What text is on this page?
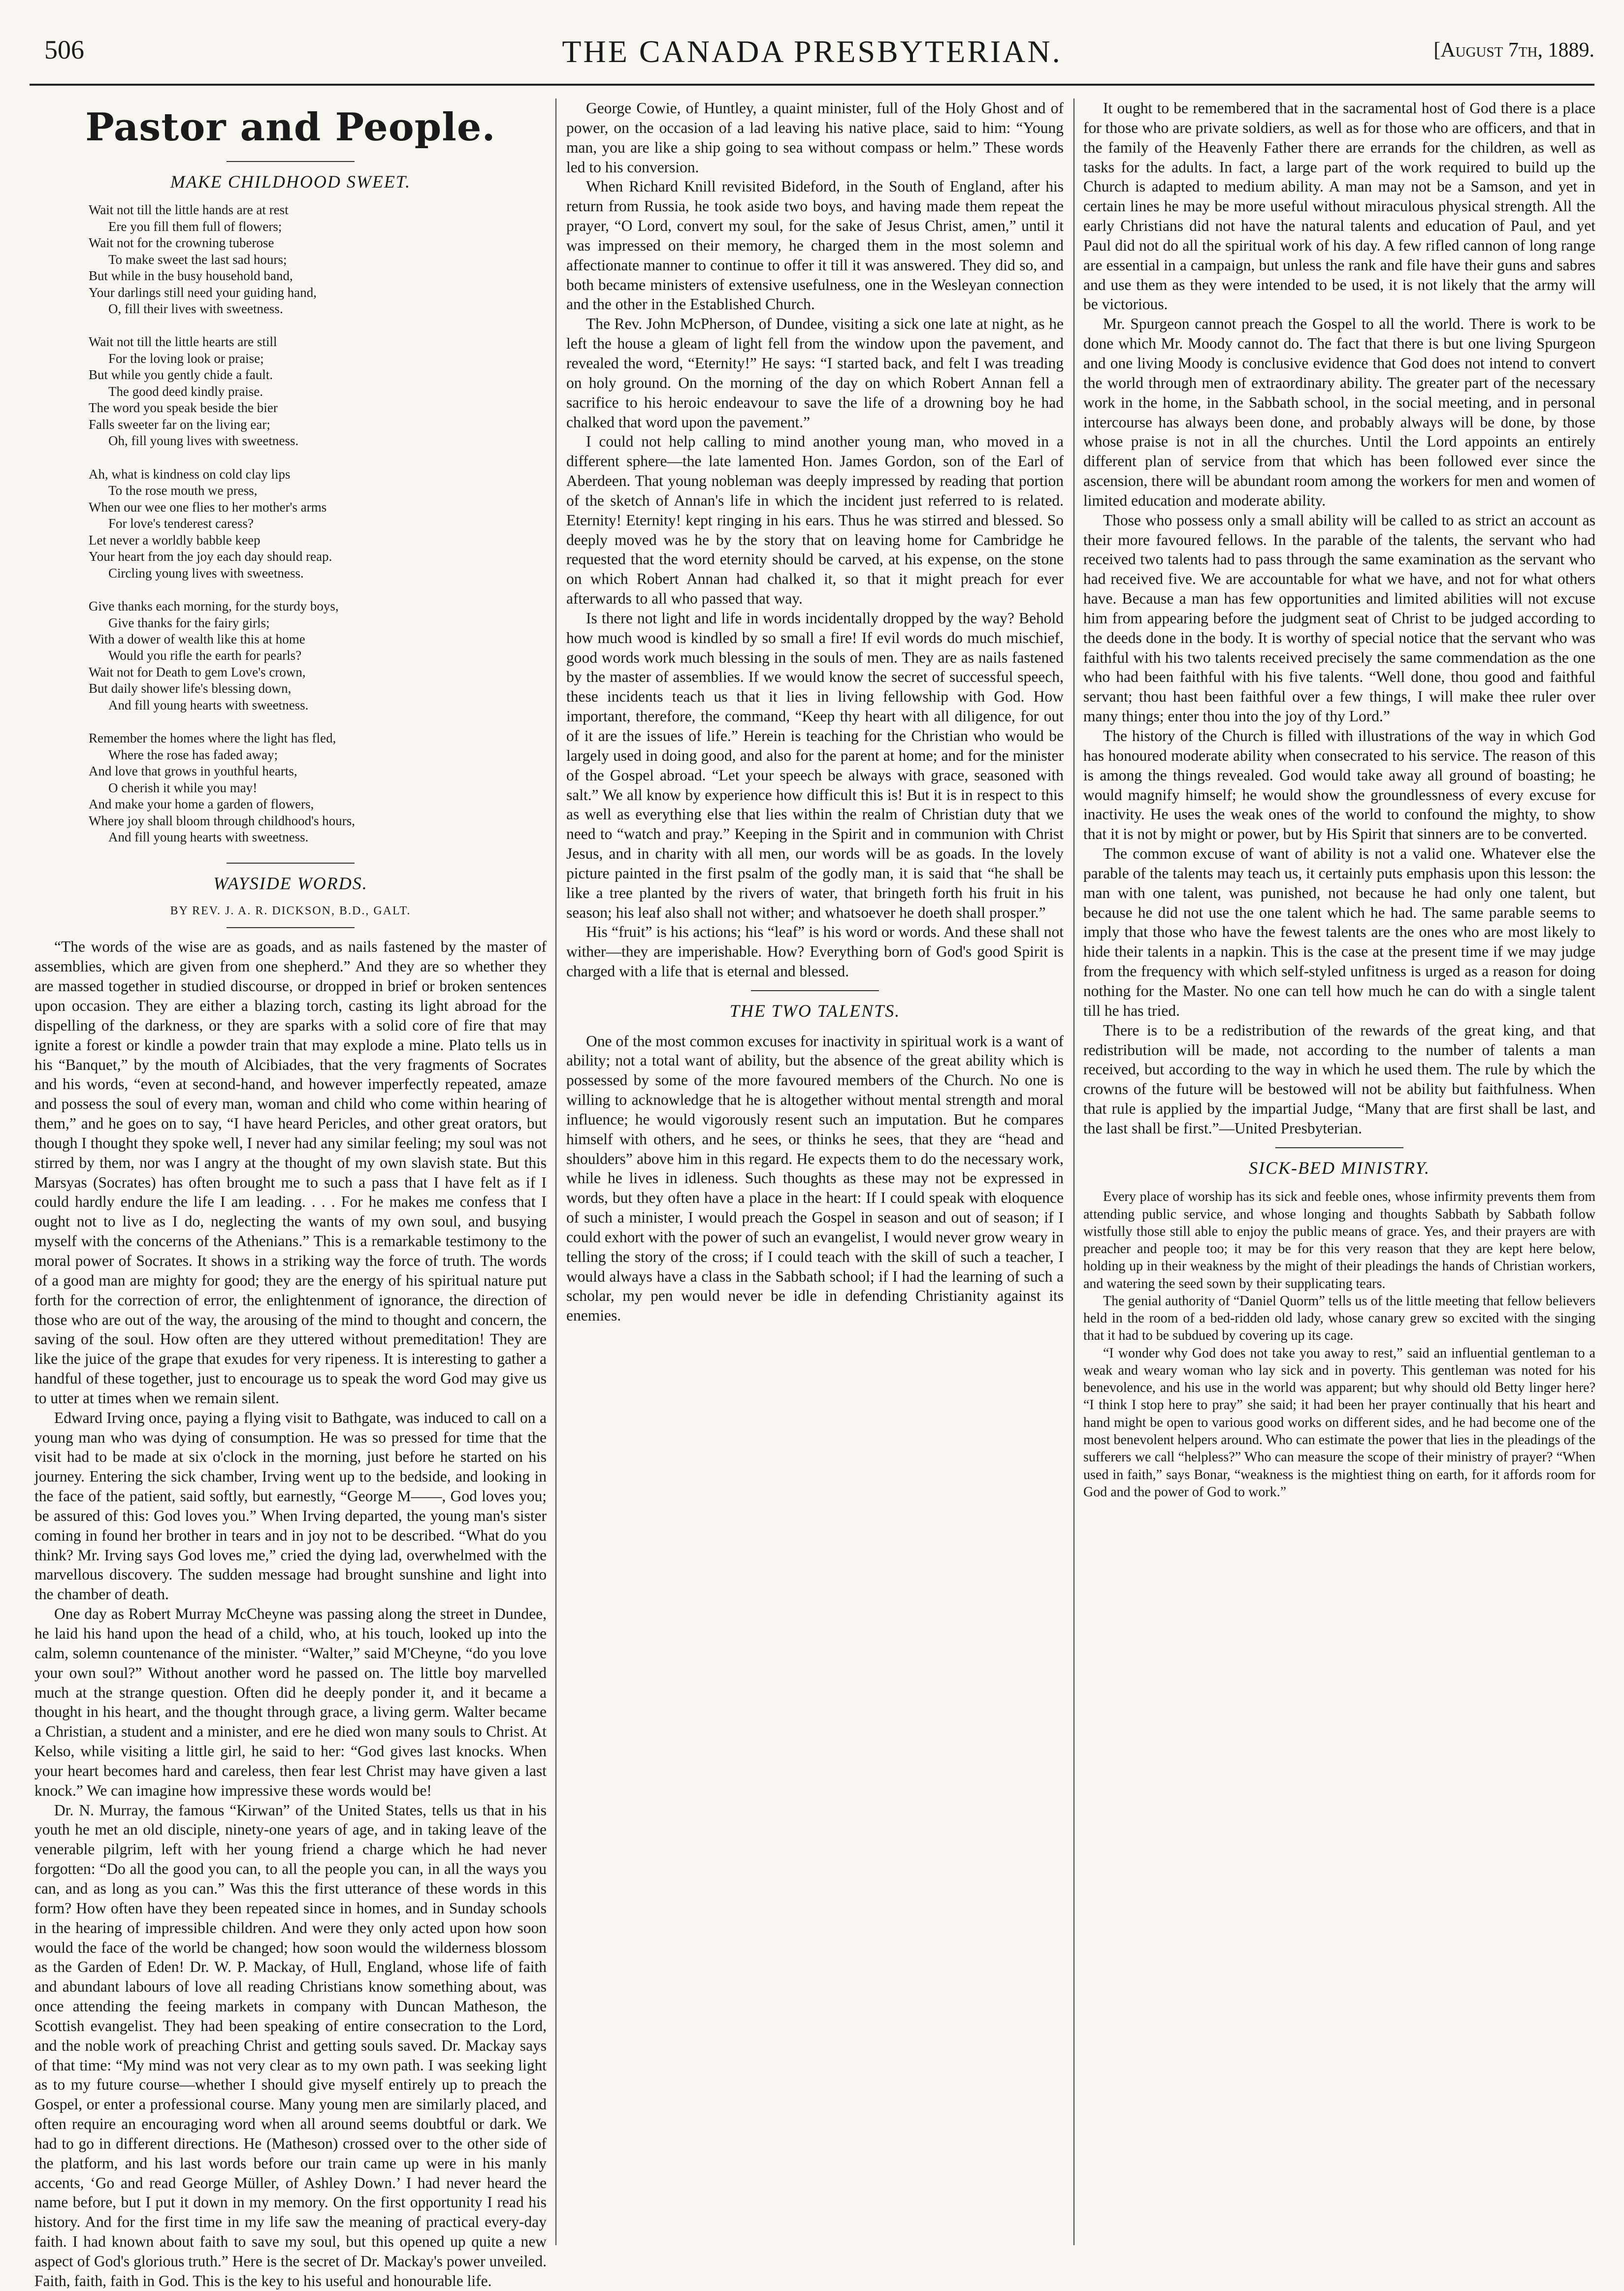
506	THE CANADA PRESBYTERIAN.	[August 7th, 1889.
Pastor and People.
MAKE CHILDHOOD SWEET.
Wait not till the little hands are at rest
Ere you fill them full of flowers;
Wait not for the crowning tuberose
To make sweet the last sad hours;
But while in the busy household band,
Your darlings still need your guiding hand,
O, fill their lives with sweetness.
Wait not till the little hearts are still
For the loving look or praise;
But while you gently chide a fault.
The good deed kindly praise.
The word you speak beside the bier
Falls sweeter far on the living ear;
Oh, fill young lives with sweetness.
Ah, what is kindness on cold clay lips
To the rose mouth we press,
When our wee one flies to her mother's arms
For love's tenderest caress?
Let never a worldly babble keep
Your heart from the joy each day should reap.
Circling young lives with sweetness.
Give thanks each morning, for the sturdy boys,
Give thanks for the fairy girls;
With a dower of wealth like this at home
Would you rifle the earth for pearls?
Wait not for Death to gem Love's crown,
But daily shower life's blessing down,
And fill young hearts with sweetness.
Remember the homes where the light has fled,
Where the rose has faded away;
And love that grows in youthful hearts,
O cherish it while you may!
And make your home a garden of flowers,
Where joy shall bloom through childhood's hours,
And fill young hearts with sweetness.
WAYSIDE WORDS.
BY REV. J. A. R. DICKSON, B.D., GALT.

“The words of the wise are as goads, and as nails fastened by the master of assemblies, which are given from one shepherd.” And they are so whether they are massed together in studied discourse, or dropped in brief or broken sentences upon occasion. They are either a blazing torch, casting its light abroad for the dispelling of the darkness, or they are sparks with a solid core of fire that may ignite a forest or kindle a powder train that may explode a mine. Plato tells us in his “Banquet,” by the mouth of Alcibiades, that the very fragments of Socrates and his words, “even at second-hand, and however imperfectly repeated, amaze and possess the soul of every man, woman and child who come within hearing of them,” and he goes on to say, “I have heard Pericles, and other great orators, but though I thought they spoke well, I never had any similar feeling; my soul was not stirred by them, nor was I angry at the thought of my own slavish state. But this Marsyas (Socrates) has often brought me to such a pass that I have felt as if I could hardly endure the life I am leading. . . . For he makes me confess that I ought not to live as I do, neglecting the wants of my own soul, and busying myself with the concerns of the Athenians.” This is a remarkable testimony to the moral power of Socrates. It shows in a striking way the force of truth. The words of a good man are mighty for good; they are the energy of his spiritual nature put forth for the correction of error, the enlightenment of ignorance, the direction of those who are out of the way, the arousing of the mind to thought and concern, the saving of the soul. How often are they uttered without premeditation! They are like the juice of the grape that exudes for very ripeness. It is interesting to gather a handful of these together, just to encourage us to speak the word God may give us to utter at times when we remain silent.

Edward Irving once, paying a flying visit to Bathgate, was induced to call on a young man who was dying of consumption. He was so pressed for time that the visit had to be made at six o'clock in the morning, just before he started on his journey. Entering the sick chamber, Irving went up to the bedside, and looking in the face of the patient, said softly, but earnestly, “George M——, God loves you; be assured of this: God loves you.” When Irving departed, the young man's sister coming in found her brother in tears and in joy not to be described. “What do you think? Mr. Irving says God loves me,” cried the dying lad, overwhelmed with the marvellous discovery. The sudden message had brought sunshine and light into the chamber of death.

One day as Robert Murray McCheyne was passing along the street in Dundee, he laid his hand upon the head of a child, who, at his touch, looked up into the calm, solemn countenance of the minister. “Walter,” said M'Cheyne, “do you love your own soul?” Without another word he passed on. The little boy marvelled much at the strange question. Often did he deeply ponder it, and it became a thought in his heart, and the thought through grace, a living germ. Walter became a Christian, a student and a minister, and ere he died won many souls to Christ. At Kelso, while visiting a little girl, he said to her: “God gives last knocks. When your heart becomes hard and careless, then fear lest Christ may have given a last knock.” We can imagine how impressive these words would be!

Dr. N. Murray, the famous “Kirwan” of the United States, tells us that in his youth he met an old disciple, ninety-one years of age, and in taking leave of the venerable pilgrim, left with her young friend a charge which he had never forgotten: “Do all the good you can, to all the people you can, in all the ways you can, and as long as you can.” Was this the first utterance of these words in this form? How often have they been repeated since in homes, and in Sunday schools in the hearing of impressible children. And were they only acted upon how soon would the face of the world be changed; how soon would the wilderness blossom as the Garden of Eden! Dr. W. P. Mackay, of Hull, England, whose life of faith and abundant labours of love all reading Christians know something about, was once attending the feeing markets in company with Duncan Matheson, the Scottish evangelist. They had been speaking of entire consecration to the Lord, and the noble work of preaching Christ and getting souls saved. Dr. Mackay says of that time: “My mind was not very clear as to my own path. I was seeking light as to my future course—whether I should give myself entirely up to preach the Gospel, or enter a professional course. Many young men are similarly placed, and often require an encouraging word when all around seems doubtful or dark. We had to go in different directions. He (Matheson) crossed over to the other side of the platform, and his last words before our train came up were in his manly accents, ‘Go and read George Müller, of Ashley Down.’ I had never heard the name before, but I put it down in my memory. On the first opportunity I read his history. And for the first time in my life saw the meaning of practical every-day faith. I had known about faith to save my soul, but this opened up quite a new aspect of God's glorious truth.” Here is the secret of Dr. Mackay's power unveiled. Faith, faith, faith in God. This is the key to his useful and honourable life.

George Cowie, of Huntley, a quaint minister, full of the Holy Ghost and of power, on the occasion of a lad leaving his native place, said to him: “Young man, you are like a ship going to sea without compass or helm.” These words led to his conversion.

When Richard Knill revisited Bideford, in the South of England, after his return from Russia, he took aside two boys, and having made them repeat the prayer, “O Lord, convert my soul, for the sake of Jesus Christ, amen,” until it was impressed on their memory, he charged them in the most solemn and affectionate manner to continue to offer it till it was answered. They did so, and both became ministers of extensive usefulness, one in the Wesleyan connection and the other in the Established Church.

The Rev. John McPherson, of Dundee, visiting a sick one late at night, as he left the house a gleam of light fell from the window upon the pavement, and revealed the word, “Eternity!” He says: “I started back, and felt I was treading on holy ground. On the morning of the day on which Robert Annan fell a sacrifice to his heroic endeavour to save the life of a drowning boy he had chalked that word upon the pavement.”

I could not help calling to mind another young man, who moved in a different sphere—the late lamented Hon. James Gordon, son of the Earl of Aberdeen. That young nobleman was deeply impressed by reading that portion of the sketch of Annan's life in which the incident just referred to is related. Eternity! Eternity! kept ringing in his ears. Thus he was stirred and blessed. So deeply moved was he by the story that on leaving home for Cambridge he requested that the word eternity should be carved, at his expense, on the stone on which Robert Annan had chalked it, so that it might preach for ever afterwards to all who passed that way.

Is there not light and life in words incidentally dropped by the way? Behold how much wood is kindled by so small a fire! If evil words do much mischief, good words work much blessing in the souls of men. They are as nails fastened by the master of assemblies. If we would know the secret of successful speech, these incidents teach us that it lies in living fellowship with God. How important, therefore, the command, “Keep thy heart with all diligence, for out of it are the issues of life.” Herein is teaching for the Christian who would be largely used in doing good, and also for the parent at home; and for the minister of the Gospel abroad. “Let your speech be always with grace, seasoned with salt.” We all know by experience how difficult this is! But it is in respect to this as well as everything else that lies within the realm of Christian duty that we need to “watch and pray.” Keeping in the Spirit and in communion with Christ Jesus, and in charity with all men, our words will be as goads. In the lovely picture painted in the first psalm of the godly man, it is said that “he shall be like a tree planted by the rivers of water, that bringeth forth his fruit in his season; his leaf also shall not wither; and whatsoever he doeth shall prosper.”

His “fruit” is his actions; his “leaf” is his word or words. And these shall not wither—they are imperishable. How? Everything born of God's good Spirit is charged with a life that is eternal and blessed.

THE TWO TALENTS.

One of the most common excuses for inactivity in spiritual work is a want of ability; not a total want of ability, but the absence of the great ability which is possessed by some of the more favoured members of the Church. No one is willing to acknowledge that he is altogether without mental strength and moral influence; he would vigorously resent such an imputation. But he compares himself with others, and he sees, or thinks he sees, that they are “head and shoulders” above him in this regard. He expects them to do the necessary work, while he lives in idleness. Such thoughts as these may not be expressed in words, but they often have a place in the heart: If I could speak with eloquence of such a minister, I would preach the Gospel in season and out of season; if I could exhort with the power of such an evangelist, I would never grow weary in telling the story of the cross; if I could teach with the skill of such a teacher, I would always have a class in the Sabbath school; if I had the learning of such a scholar, my pen would never be idle in defending Christianity against its enemies.

It ought to be remembered that in the sacramental host of God there is a place for those who are private soldiers, as well as for those who are officers, and that in the family of the Heavenly Father there are errands for the children, as well as tasks for the adults. In fact, a large part of the work required to build up the Church is adapted to medium ability. A man may not be a Samson, and yet in certain lines he may be more useful without miraculous physical strength. All the early Christians did not have the natural talents and education of Paul, and yet Paul did not do all the spiritual work of his day. A few rifled cannon of long range are essential in a campaign, but unless the rank and file have their guns and sabres and use them as they were intended to be used, it is not likely that the army will be victorious.

Mr. Spurgeon cannot preach the Gospel to all the world. There is work to be done which Mr. Moody cannot do. The fact that there is but one living Spurgeon and one living Moody is conclusive evidence that God does not intend to convert the world through men of extraordinary ability. The greater part of the necessary work in the home, in the Sabbath school, in the social meeting, and in personal intercourse has always been done, and probably always will be done, by those whose praise is not in all the churches. Until the Lord appoints an entirely different plan of service from that which has been followed ever since the ascension, there will be abundant room among the workers for men and women of limited education and moderate ability.

Those who possess only a small ability will be called to as strict an account as their more favoured fellows. In the parable of the talents, the servant who had received two talents had to pass through the same examination as the servant who had received five. We are accountable for what we have, and not for what others have. Because a man has few opportunities and limited abilities will not excuse him from appearing before the judgment seat of Christ to be judged according to the deeds done in the body. It is worthy of special notice that the servant who was faithful with his two talents received precisely the same commendation as the one who had been faithful with his five talents. “Well done, thou good and faithful servant; thou hast been faithful over a few things, I will make thee ruler over many things; enter thou into the joy of thy Lord.”

The history of the Church is filled with illustrations of the way in which God has honoured moderate ability when consecrated to his service. The reason of this is among the things revealed. God would take away all ground of boasting; he would magnify himself; he would show the groundlessness of every excuse for inactivity. He uses the weak ones of the world to confound the mighty, to show that it is not by might or power, but by His Spirit that sinners are to be converted.

The common excuse of want of ability is not a valid one. Whatever else the parable of the talents may teach us, it certainly puts emphasis upon this lesson: the man with one talent, was punished, not because he had only one talent, but because he did not use the one talent which he had. The same parable seems to imply that those who have the fewest talents are the ones who are most likely to hide their talents in a napkin. This is the case at the present time if we may judge from the frequency with which self-styled unfitness is urged as a reason for doing nothing for the Master. No one can tell how much he can do with a single talent till he has tried.

There is to be a redistribution of the rewards of the great king, and that redistribution will be made, not according to the number of talents a man received, but according to the way in which he used them. The rule by which the crowns of the future will be bestowed will not be ability but faithfulness. When that rule is applied by the impartial Judge, “Many that are first shall be last, and the last shall be first.”—United Presbyterian.

SICK-BED MINISTRY.

Every place of worship has its sick and feeble ones, whose infirmity prevents them from attending public service, and whose longing and thoughts Sabbath by Sabbath follow wistfully those still able to enjoy the public means of grace. Yes, and their prayers are with preacher and people too; it may be for this very reason that they are kept here below, holding up in their weakness by the might of their pleadings the hands of Christian workers, and watering the seed sown by their supplicating tears.

The genial authority of “Daniel Quorm” tells us of the little meeting that fellow believers held in the room of a bed-ridden old lady, whose canary grew so excited with the singing that it had to be subdued by covering up its cage.

“I wonder why God does not take you away to rest,” said an influential gentleman to a weak and weary woman who lay sick and in poverty. This gentleman was noted for his benevolence, and his use in the world was apparent; but why should old Betty linger here? “I think I stop here to pray” she said; it had been her prayer continually that his heart and hand might be open to various good works on different sides, and he had become one of the most benevolent helpers around. Who can estimate the power that lies in the pleadings of the sufferers we call “helpless?” Who can measure the scope of their ministry of prayer? “When used in faith,” says Bonar, “weakness is the mightiest thing on earth, for it affords room for God and the power of God to work.”
